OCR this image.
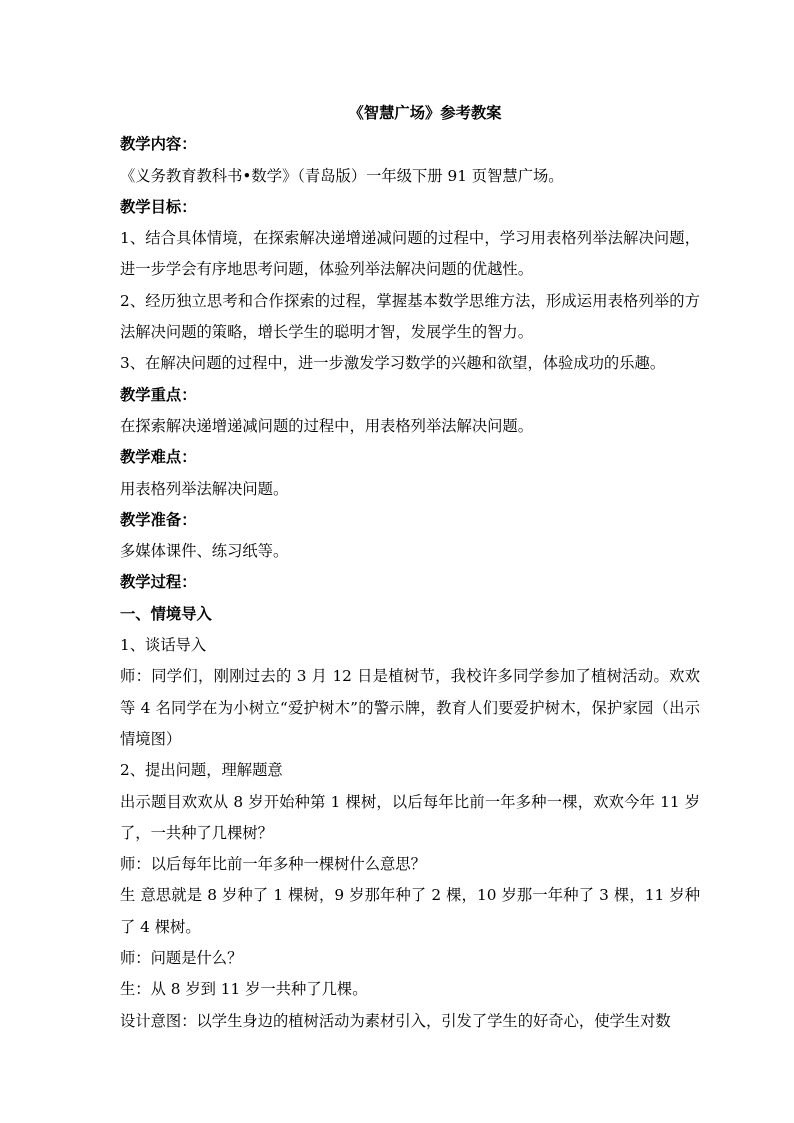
《智慧广场》参考教案

教学内容：

《义务教育教科书•数学》（青岛版）一年级下册 91 页智慧广场。

教学目标：

1、结合具体情境，在探索解决递增递减问题的过程中，学习用表格列举法解决问题，进一步学会有序地思考问题，体验列举法解决问题的优越性。

2、经历独立思考和合作探索的过程，掌握基本数学思维方法，形成运用表格列举的方法解决问题的策略，增长学生的聪明才智，发展学生的智力。

3、在解决问题的过程中，进一步激发学习数学的兴趣和欲望，体验成功的乐趣。

教学重点：

在探索解决递增递减问题的过程中，用表格列举法解决问题。

教学难点：

用表格列举法解决问题。

教学准备：

多媒体课件、练习纸等。

教学过程：

一、情境导入

1、谈话导入

师：同学们，刚刚过去的 3 月 12 日是植树节，我校许多同学参加了植树活动。欢欢等 4 名同学在为小树立“爱护树木”的警示牌，教育人们要爱护树木，保护家园（出示情境图）

2、提出问题，理解题意

出示题目欢欢从 8 岁开始种第 1 棵树，以后每年比前一年多种一棵，欢欢今年 11 岁了，一共种了几棵树？

师：以后每年比前一年多种一棵树什么意思？

生 意思就是 8 岁种了 1 棵树，9 岁那年种了 2 棵，10 岁那一年种了 3 棵，11 岁种了 4 棵树。

师：问题是什么？

生：从 8 岁到 11 岁一共种了几棵。

设计意图：以学生身边的植树活动为素材引入，引发了学生的好奇心，使学生对数
